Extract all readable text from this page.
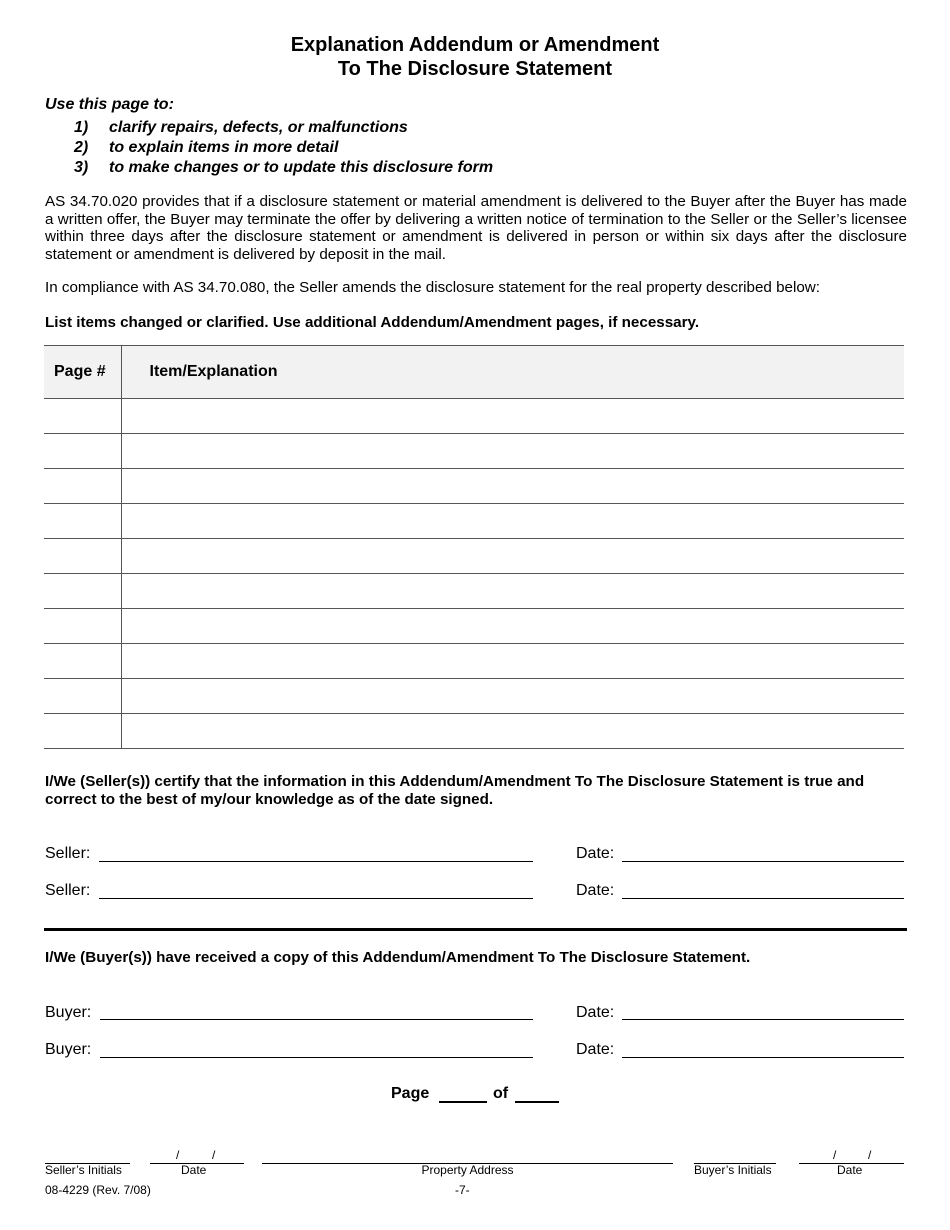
Explanation Addendum or Amendment
To The Disclosure Statement
Use this page to:
1) clarify repairs, defects, or malfunctions
2) to explain items in more detail
3) to make changes or to update this disclosure form
AS 34.70.020 provides that if a disclosure statement or material amendment is delivered to the Buyer after the Buyer has made a written offer, the Buyer may terminate the offer by delivering a written notice of termination to the Seller or the Seller’s licensee within three days after the disclosure statement or amendment is delivered in person or within six days after the disclosure statement or amendment is delivered by deposit in the mail.
In compliance with AS 34.70.080, the Seller amends the disclosure statement for the real property described below:
List items changed or clarified. Use additional Addendum/Amendment pages, if necessary.
Page #	Item/Explanation

I/We (Seller(s)) certify that the information in this Addendum/Amendment To The Disclosure Statement is true and correct to the best of my/our knowledge as of the date signed.
Seller:	Date:
Seller:	Date:
I/We (Buyer(s)) have received a copy of this Addendum/Amendment To The Disclosure Statement.
Buyer:	Date:
Buyer:	Date:
Page	of
Seller’s Initials
/	/
Date	Property Address	Buyer’s Initials
/	/
Date
08-4229 (Rev. 7/08)	-7-
